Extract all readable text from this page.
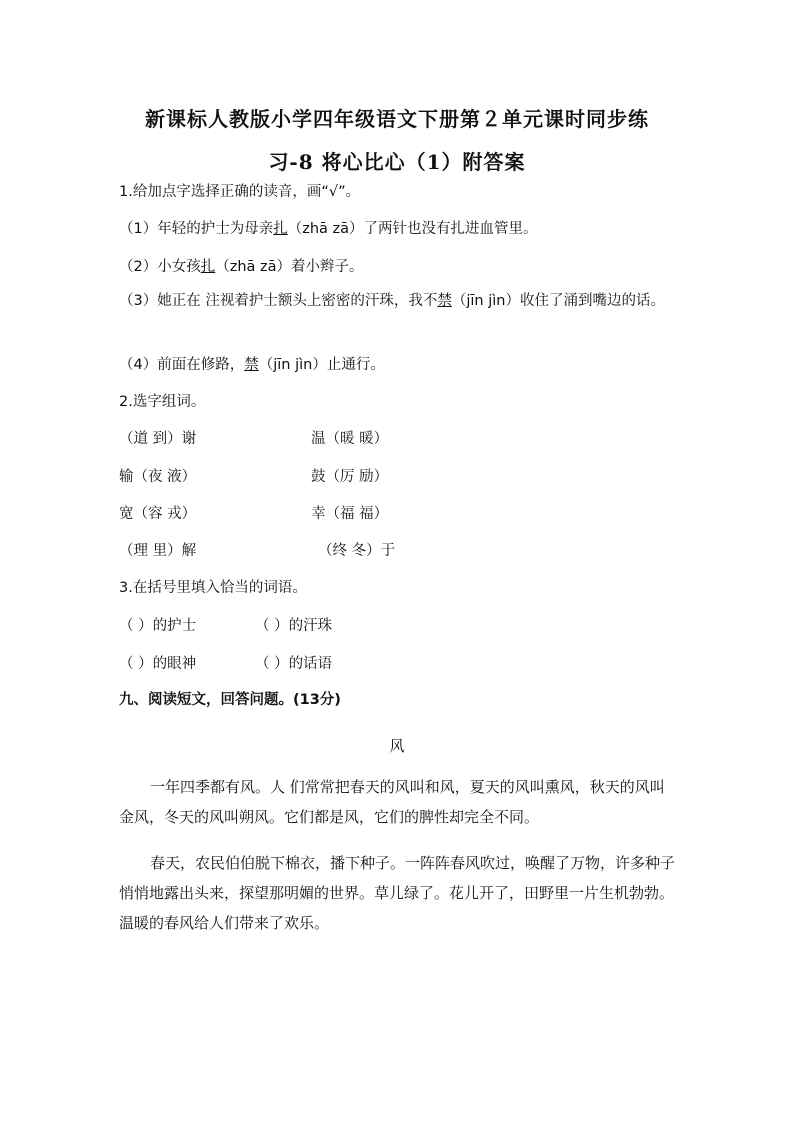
新课标人教版小学四年级语文下册第２单元课时同步练
习-8 将心比心（1）附答案
1.给加点字选择正确的读音，画“√”。
（1）年轻的护士为母亲扎（zhā zā）了两针也没有扎进血管里。
（2）小女孩扎（zhā zā）着小辫子。
（3）她正在 注视着护士额头上密密的汗珠，我不禁（jīn jìn）收住了涌到嘴边的话。
（4）前面在修路，禁（jīn jìn）止通行。
2.选字组词。
（道 到）谢	温（暖 暖）
输（夜 液）	鼓（厉 励）
宽（容 戎）	幸（福 福）
（理 里）解	（终 冬）于
3.在括号里填入恰当的词语。
（ ）的护士	（ ）的汗珠
（ ）的眼神	（ ）的话语
九、阅读短文，回答问题。(13分)
风
一年四季都有风。人 们常常把春天的风叫和风，夏天的风叫熏风，秋天的风叫金风，冬天的风叫朔风。它们都是风，它们的脾性却完全不同。
春天，农民伯伯脱下棉衣，播下种子。一阵阵春风吹过，唤醒了万物，许多种子悄悄地露出头来，探望那明媚的世界。草儿绿了。花儿开了，田野里一片生机勃勃。温暖的春风给人们带来了欢乐。
